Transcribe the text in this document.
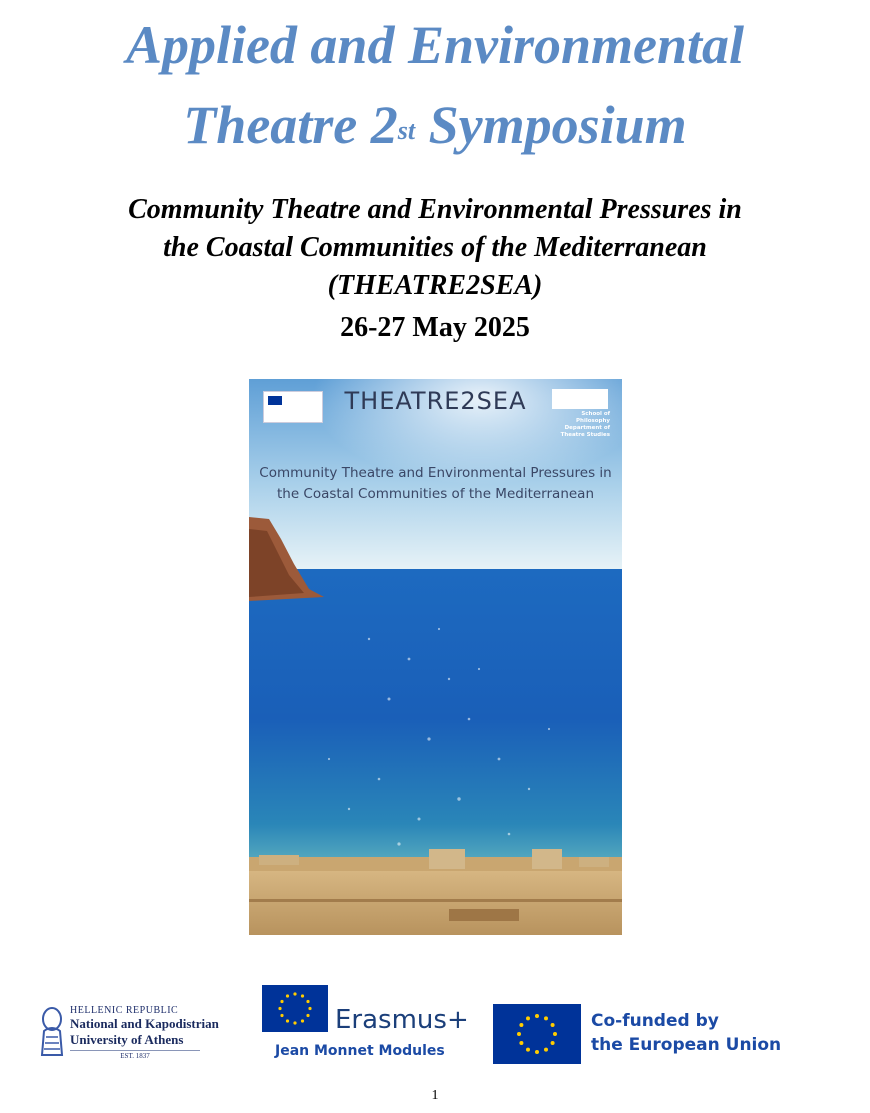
Applied and Environmental
Theatre 2st Symposium
Community Theatre and Environmental Pressures in
the Coastal Communities of the Mediterranean
(THEATRE2SEA)
26-27 May 2025
THEATRE2SEA	School of Philosophy
Department of
Theatre Studies
Community Theatre and Environmental Pressures in
the Coastal Communities of the Mediterranean
HELLENIC REPUBLIC
National and Kapodistrian
University of Athens
EST. 1837
Erasmus+
Jean Monnet Modules
Co-funded by
the European Union
1
